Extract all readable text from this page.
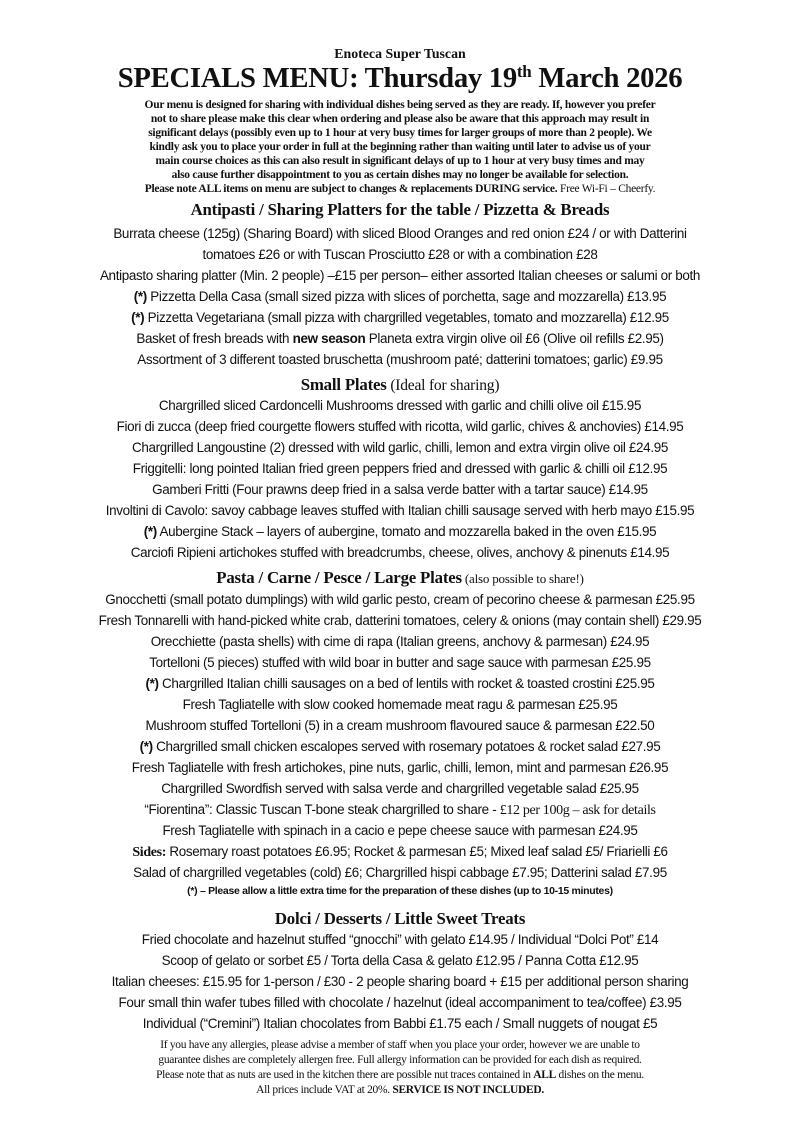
Enoteca Super Tuscan
SPECIALS MENU: Thursday 19th March 2026
Our menu is designed for sharing with individual dishes being served as they are ready. If, however you prefer
not to share please make this clear when ordering and please also be aware that this approach may result in
significant delays (possibly even up to 1 hour at very busy times for larger groups of more than 2 people). We
kindly ask you to place your order in full at the beginning rather than waiting until later to advise us of your
main course choices as this can also result in significant delays of up to 1 hour at very busy times and may
also cause further disappointment to you as certain dishes may no longer be available for selection.
Please note ALL items on menu are subject to changes & replacements DURING service. Free Wi-Fi – Cheerfy.
Antipasti / Sharing Platters for the table / Pizzetta & Breads
Burrata cheese (125g) (Sharing Board) with sliced Blood Oranges and red onion £24 / or with Datterini
tomatoes £26 or with Tuscan Prosciutto £28 or with a combination £28
Antipasto sharing platter (Min. 2 people) –£15 per person– either assorted Italian cheeses or salumi or both
(*) Pizzetta Della Casa (small sized pizza with slices of porchetta, sage and mozzarella) £13.95
(*) Pizzetta Vegetariana (small pizza with chargrilled vegetables, tomato and mozzarella) £12.95
Basket of fresh breads with new season Planeta extra virgin olive oil £6 (Olive oil refills £2.95)
Assortment of 3 different toasted bruschetta (mushroom paté; datterini tomatoes; garlic) £9.95
Small Plates (Ideal for sharing)
Chargrilled sliced Cardoncelli Mushrooms dressed with garlic and chilli olive oil £15.95
Fiori di zucca (deep fried courgette flowers stuffed with ricotta, wild garlic, chives & anchovies) £14.95
Chargrilled Langoustine (2) dressed with wild garlic, chilli, lemon and extra virgin olive oil £24.95
Friggitelli: long pointed Italian fried green peppers fried and dressed with garlic & chilli oil £12.95
Gamberi Fritti (Four prawns deep fried in a salsa verde batter with a tartar sauce) £14.95
Involtini di Cavolo: savoy cabbage leaves stuffed with Italian chilli sausage served with herb mayo £15.95
(*) Aubergine Stack – layers of aubergine, tomato and mozzarella baked in the oven £15.95
Carciofi Ripieni artichokes stuffed with breadcrumbs, cheese, olives, anchovy & pinenuts £14.95
Pasta / Carne / Pesce / Large Plates (also possible to share!)
Gnocchetti (small potato dumplings) with wild garlic pesto, cream of pecorino cheese & parmesan £25.95
Fresh Tonnarelli with hand-picked white crab, datterini tomatoes, celery & onions (may contain shell) £29.95
Orecchiette (pasta shells) with cime di rapa (Italian greens, anchovy & parmesan) £24.95
Tortelloni (5 pieces) stuffed with wild boar in butter and sage sauce with parmesan £25.95
(*) Chargrilled Italian chilli sausages on a bed of lentils with rocket & toasted crostini £25.95
Fresh Tagliatelle with slow cooked homemade meat ragu & parmesan £25.95
Mushroom stuffed Tortelloni (5) in a cream mushroom flavoured sauce & parmesan £22.50
(*) Chargrilled small chicken escalopes served with rosemary potatoes & rocket salad £27.95
Fresh Tagliatelle with fresh artichokes, pine nuts, garlic, chilli, lemon, mint and parmesan £26.95
Chargrilled Swordfish served with salsa verde and chargrilled vegetable salad £25.95
“Fiorentina”: Classic Tuscan T-bone steak chargrilled to share - £12 per 100g – ask for details
Fresh Tagliatelle with spinach in a cacio e pepe cheese sauce with parmesan £24.95
Sides: Rosemary roast potatoes £6.95; Rocket & parmesan £5; Mixed leaf salad £5/ Friarielli £6
Salad of chargrilled vegetables (cold) £6; Chargrilled hispi cabbage £7.95; Datterini salad £7.95
(*) – Please allow a little extra time for the preparation of these dishes (up to 10-15 minutes)
Dolci / Desserts / Little Sweet Treats
Fried chocolate and hazelnut stuffed “gnocchi” with gelato £14.95 / Individual “Dolci Pot” £14
Scoop of gelato or sorbet £5 / Torta della Casa & gelato £12.95 / Panna Cotta £12.95
Italian cheeses: £15.95 for 1-person / £30 - 2 people sharing board + £15 per additional person sharing
Four small thin wafer tubes filled with chocolate / hazelnut (ideal accompaniment to tea/coffee) £3.95
Individual (“Cremini”) Italian chocolates from Babbi £1.75 each / Small nuggets of nougat £5
If you have any allergies, please advise a member of staff when you place your order, however we are unable to
guarantee dishes are completely allergen free. Full allergy information can be provided for each dish as required.
Please note that as nuts are used in the kitchen there are possible nut traces contained in ALL dishes on the menu.
All prices include VAT at 20%. SERVICE IS NOT INCLUDED.
